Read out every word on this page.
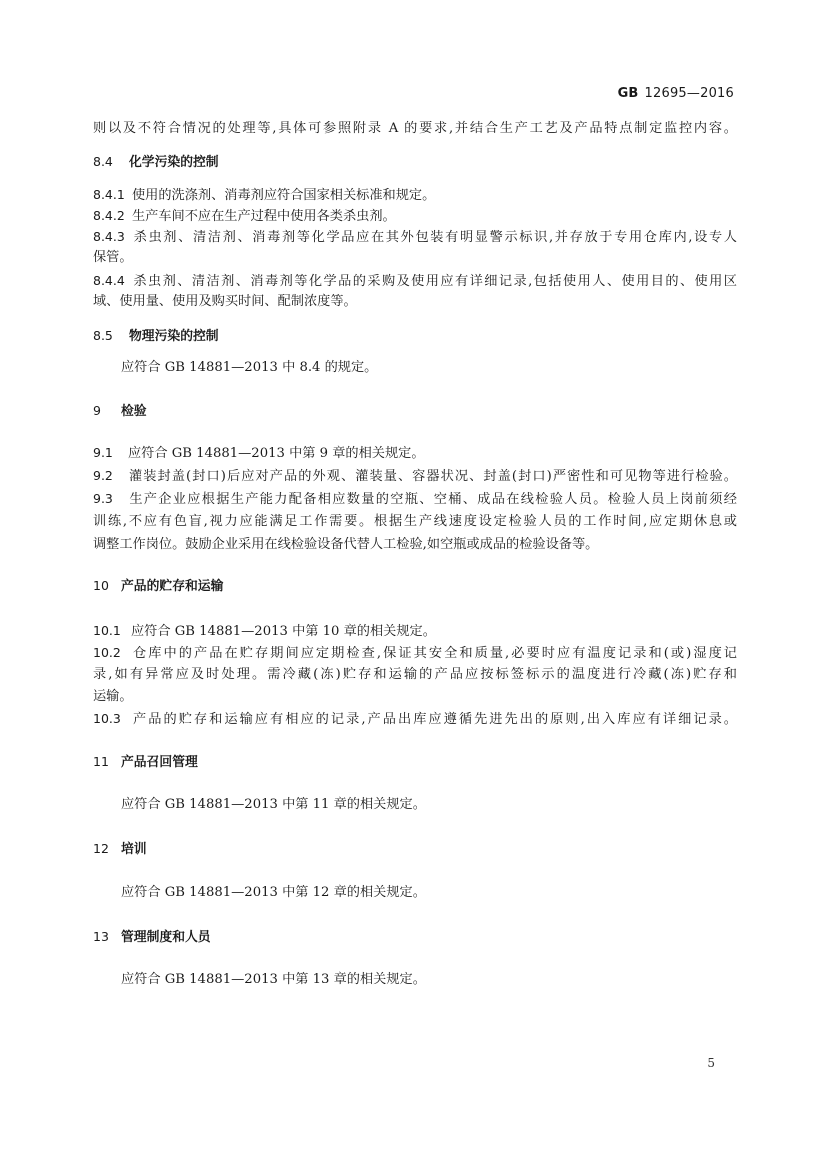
GB 12695—2016
则以及不符合情况的处理等,具体可参照附录 A 的要求,并结合生产工艺及产品特点制定监控内容。
8.4 化学污染的控制
8.4.1 使用的洗涤剂、消毒剂应符合国家相关标准和规定。
8.4.2 生产车间不应在生产过程中使用各类杀虫剂。
8.4.3 杀虫剂、清洁剂、消毒剂等化学品应在其外包装有明显警示标识,并存放于专用仓库内,设专人
保管。
8.4.4 杀虫剂、清洁剂、消毒剂等化学品的采购及使用应有详细记录,包括使用人、使用目的、使用区
域、使用量、使用及购买时间、配制浓度等。
8.5 物理污染的控制
应符合 GB 14881—2013 中 8.4 的规定。
9 检验
9.1 应符合 GB 14881—2013 中第 9 章的相关规定。
9.2 灌装封盖(封口)后应对产品的外观、灌装量、容器状况、封盖(封口)严密性和可见物等进行检验。
9.3 生产企业应根据生产能力配备相应数量的空瓶、空桶、成品在线检验人员。检验人员上岗前须经
训练,不应有色盲,视力应能满足工作需要。根据生产线速度设定检验人员的工作时间,应定期休息或
调整工作岗位。鼓励企业采用在线检验设备代替人工检验,如空瓶或成品的检验设备等。
10 产品的贮存和运输
10.1 应符合 GB 14881—2013 中第 10 章的相关规定。
10.2 仓库中的产品在贮存期间应定期检查,保证其安全和质量,必要时应有温度记录和(或)湿度记
录,如有异常应及时处理。需冷藏(冻)贮存和运输的产品应按标签标示的温度进行冷藏(冻)贮存和
运输。
10.3 产品的贮存和运输应有相应的记录,产品出库应遵循先进先出的原则,出入库应有详细记录。
11 产品召回管理
应符合 GB 14881—2013 中第 11 章的相关规定。
12 培训
应符合 GB 14881—2013 中第 12 章的相关规定。
13 管理制度和人员
应符合 GB 14881—2013 中第 13 章的相关规定。
5
